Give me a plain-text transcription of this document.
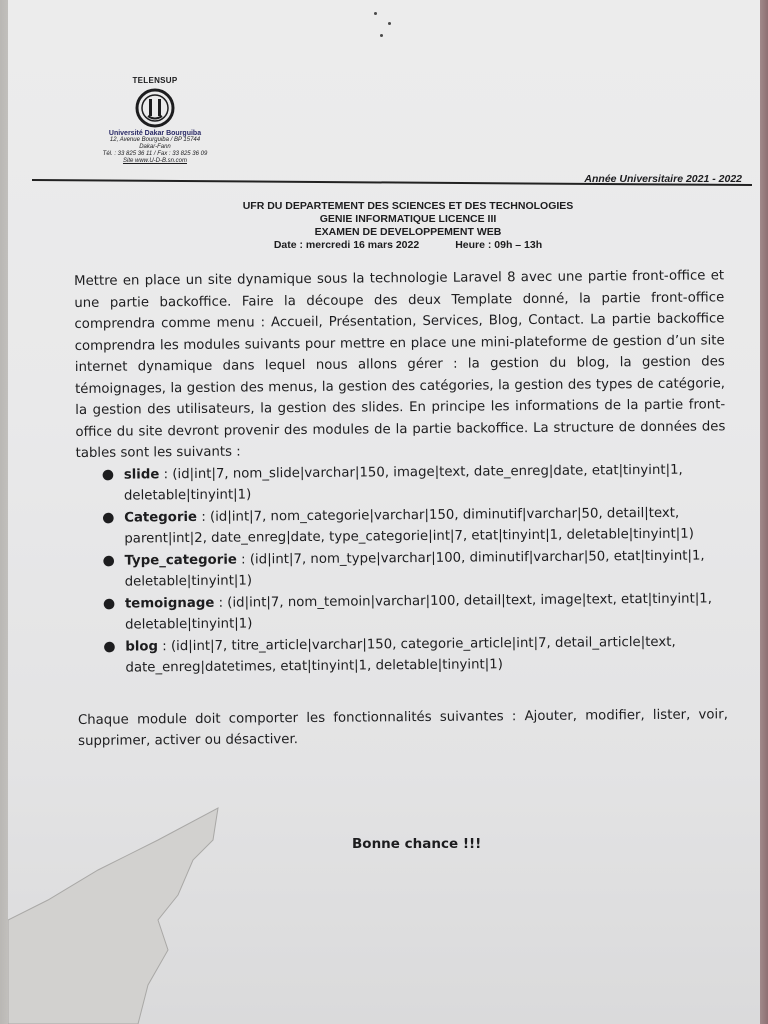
TELENSUP
Université Dakar Bourguiba
12, Avenue Bourguiba / BP 15744
Dakar-Fann
Tél. : 33 825 36 11 / Fax : 33 825 36 09
Site www.U-D-B.sn.com
Année Universitaire 2021 - 2022
UFR DU DEPARTEMENT DES SCIENCES ET DES TECHNOLOGIES
GENIE INFORMATIQUE LICENCE III
EXAMEN DE DEVELOPPEMENT WEB
Date : mercredi 16 mars 2022	Heure : 09h – 13h

Mettre en place un site dynamique sous la technologie Laravel 8 avec une partie front-office et une partie backoffice. Faire la découpe des deux Template donné, la partie front-office comprendra comme menu : Accueil, Présentation, Services, Blog, Contact. La partie backoffice comprendra les modules suivants pour mettre en place une mini-plateforme de gestion d’un site internet dynamique dans lequel nous allons gérer : la gestion du blog, la gestion des témoignages, la gestion des menus, la gestion des catégories, la gestion des types de catégorie, la gestion des utilisateurs, la gestion des slides. En principe les informations de la partie front-office du site devront provenir des modules de la partie backoffice. La structure de données des tables sont les suivants :

● slide : (id|int|7, nom_slide|varchar|150, image|text, date_enreg|date, etat|tinyint|1, deletable|tinyint|1)
● Categorie : (id|int|7, nom_categorie|varchar|150, diminutif|varchar|50, detail|text, parent|int|2, date_enreg|date, type_categorie|int|7, etat|tinyint|1, deletable|tinyint|1)
● Type_categorie : (id|int|7, nom_type|varchar|100, diminutif|varchar|50, etat|tinyint|1, deletable|tinyint|1)
● temoignage : (id|int|7, nom_temoin|varchar|100, detail|text, image|text, etat|tinyint|1, deletable|tinyint|1)
● blog : (id|int|7, titre_article|varchar|150, categorie_article|int|7, detail_article|text, date_enreg|datetimes, etat|tinyint|1, deletable|tinyint|1)

Chaque module doit comporter les fonctionnalités suivantes : Ajouter, modifier, lister, voir, supprimer, activer ou désactiver.

Bonne chance !!!
